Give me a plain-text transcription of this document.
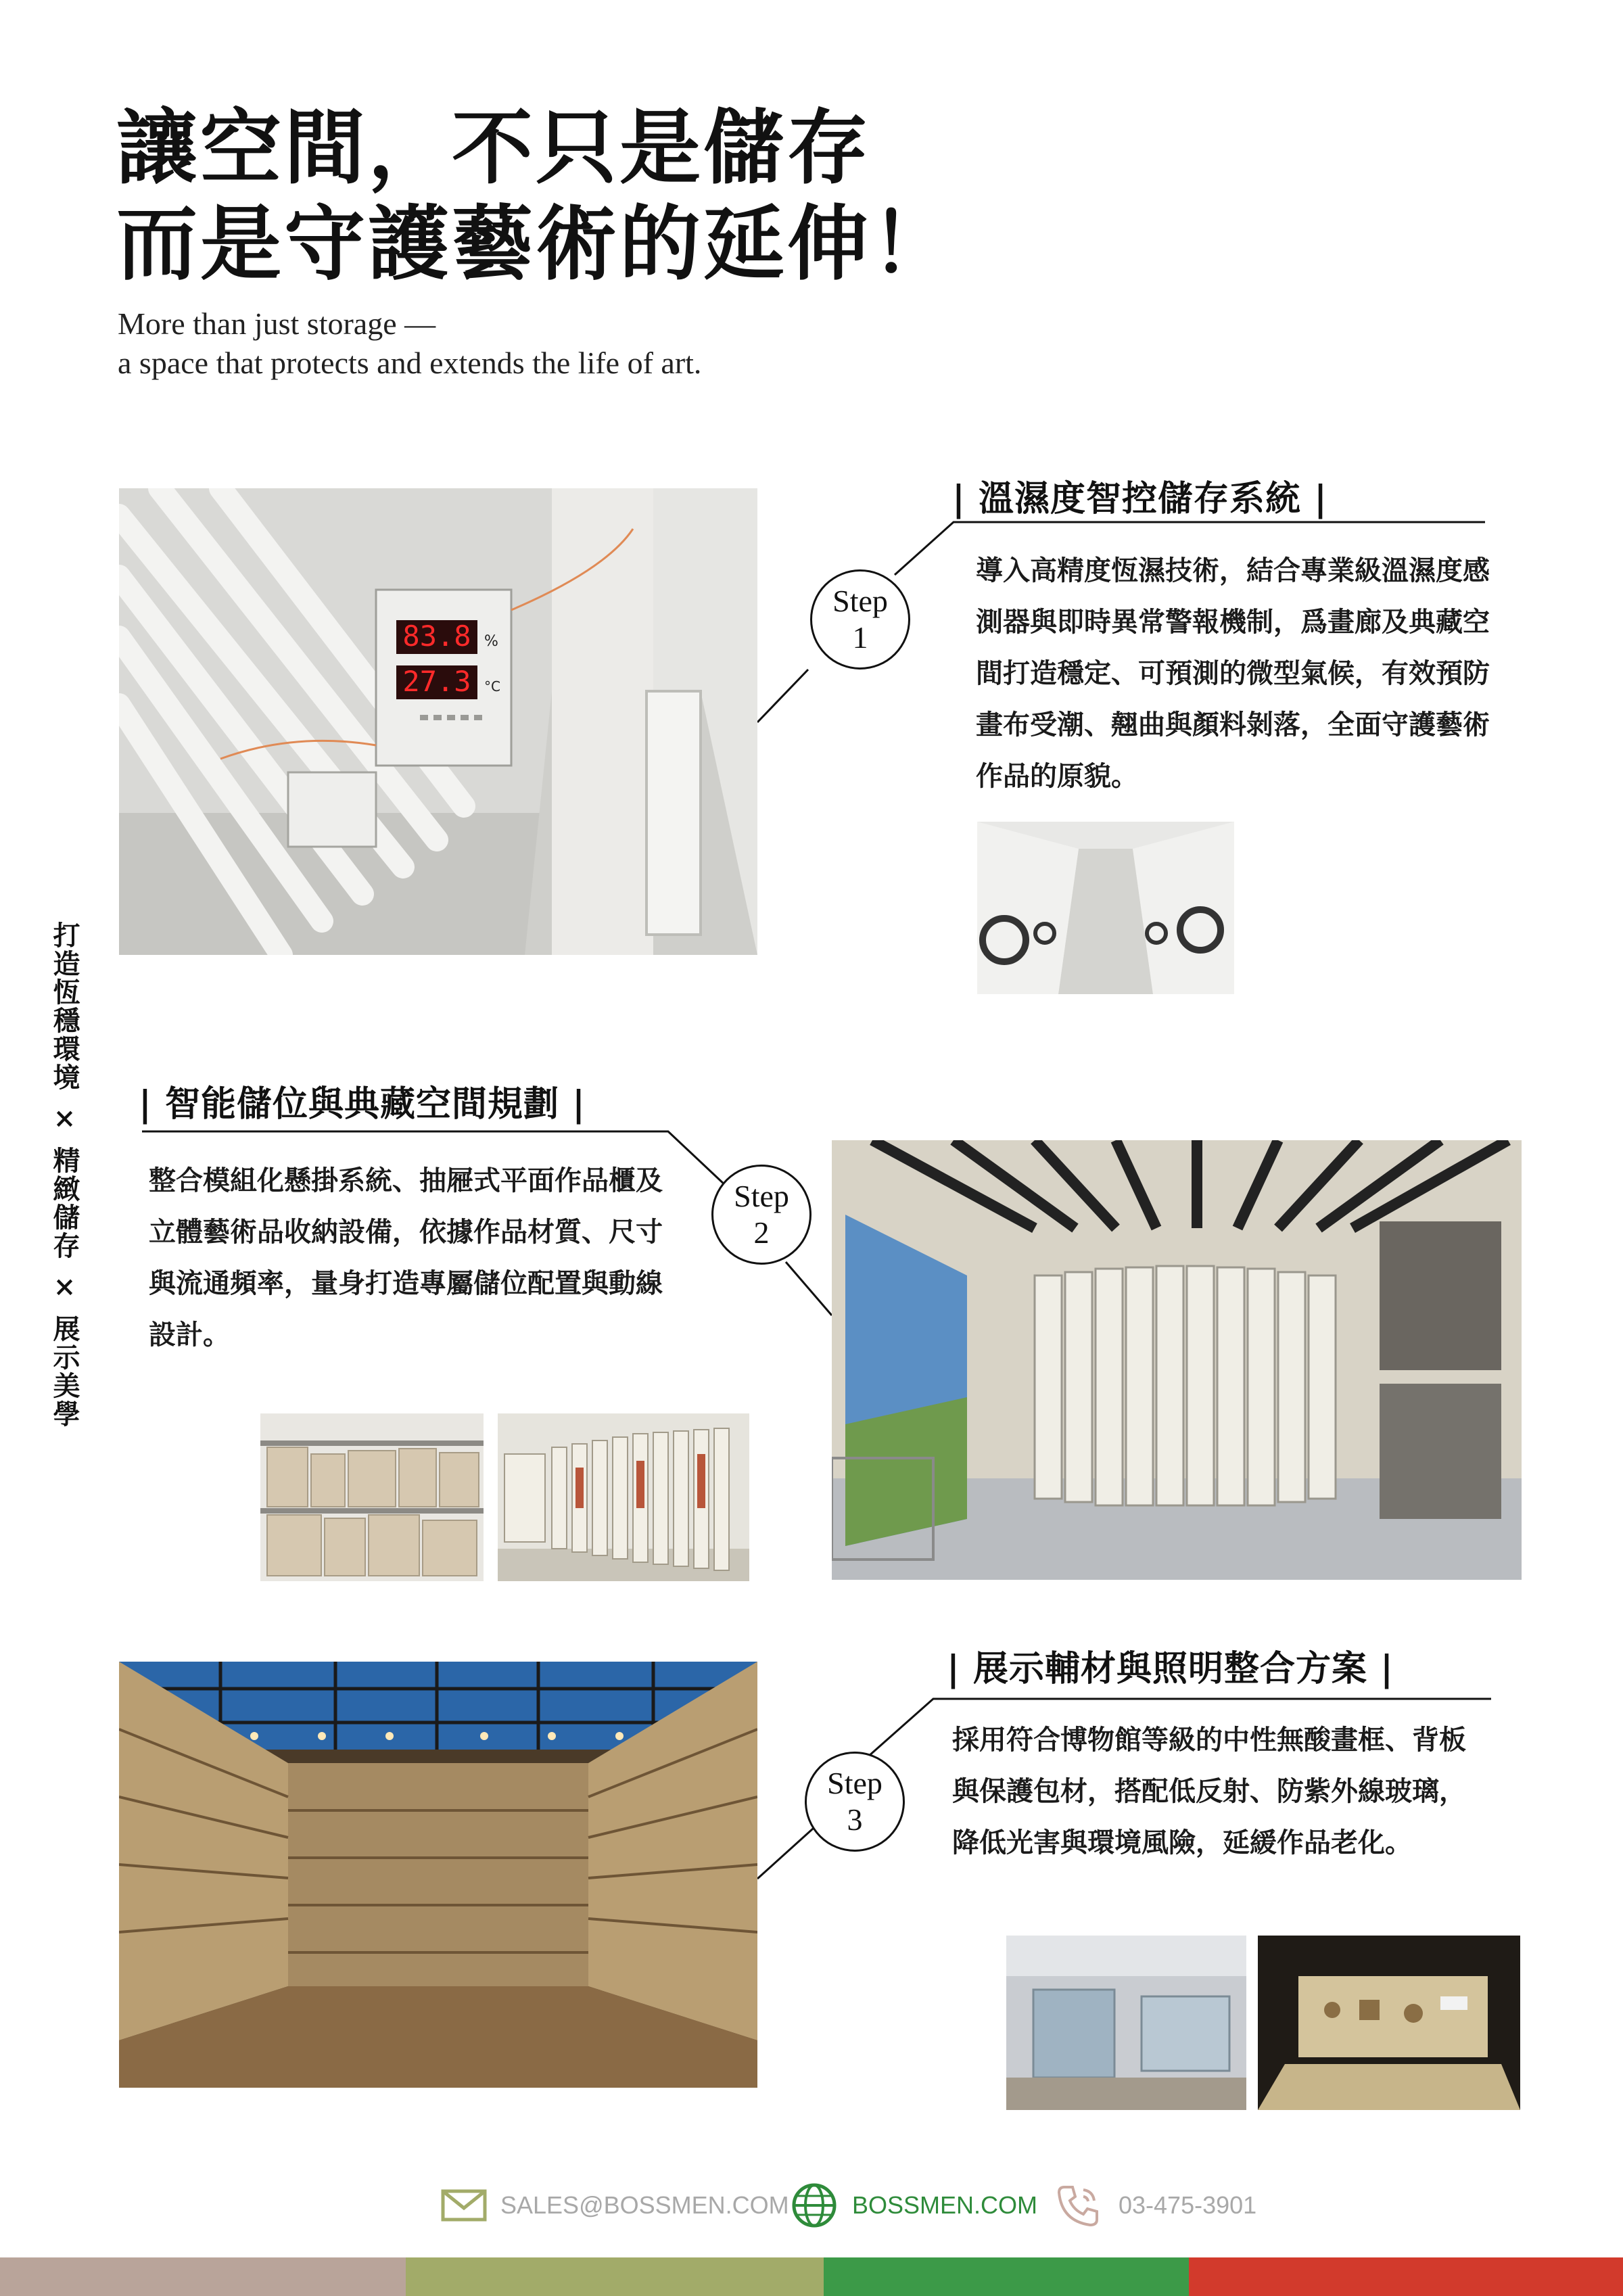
讓空間，不只是儲存
而是守護藝術的延伸！
More than just storage —
a space that protects and extends the life of art.
打造恆穩環境 × 精緻儲存 × 展示美學
83.8 %
27.3 °C
Step
1
| 溫濕度智控儲存系統 |
導入高精度恆濕技術，結合專業級溫濕度感測器與即時異常警報機制，爲畫廊及典藏空間打造穩定、可預測的微型氣候，有效預防畫布受潮、翹曲與顏料剝落，全面守護藝術作品的原貌。
| 智能儲位與典藏空間規劃 |
整合模組化懸掛系統、抽屜式平面作品櫃及立體藝術品收納設備，依據作品材質、尺寸與流通頻率，量身打造專屬儲位配置與動線設計。
Step
2
Step
3
| 展示輔材與照明整合方案 |
採用符合博物館等級的中性無酸畫框、背板與保護包材，搭配低反射、防紫外線玻璃，降低光害與環境風險，延緩作品老化。
SALES@BOSSMEN.COM	BOSSMEN.COM	03-475-3901
